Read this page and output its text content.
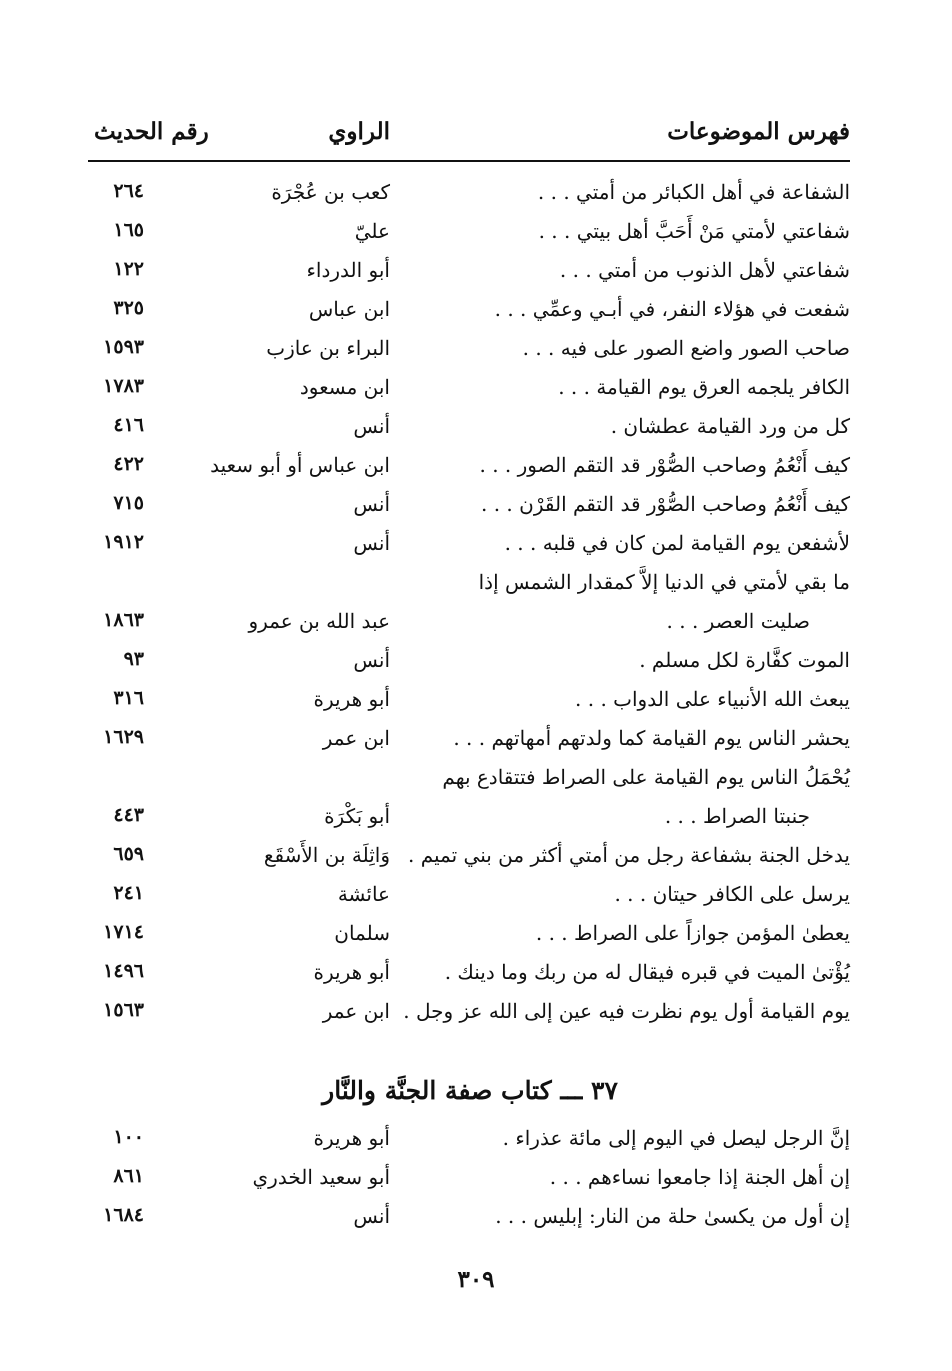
فهرس الموضوعات
الراوي
رقم الحديث
الشفاعة في أهل الكبائر من أمتي . . .
كعب بن عُجْرَة
٢٦٤
شفاعتي لأمتي مَنْ أَحَبَّ أهل بيتي . . .
عليّ
١٦٥
شفاعتي لأهل الذنوب من أمتي . . .
أبو الدرداء
١٢٢
شفعت في هؤلاء النفر، في أبـي وعمِّي . . .
ابن عباس
٣٢٥
صاحب الصور واضع الصور على فيه . . .
البراء بن عازب
١٥٩٣
الكافر يلجمه العرق يوم القيامة . . .
ابن مسعود
١٧٨٣
كل من ورد القيامة عطشان .
أنس
٤١٦
كيف أَنْعُمُ وصاحب الصُّوْر قد التقم الصور . . .
ابن عباس أو أبو سعيد
٤٢٢
كيف أَنْعُمُ وصاحب الصُّوْر قد التقم القَرْن . . .
أنس
٧١٥
لأشفعن يوم القيامة لمن كان في قلبه . . .
أنس
١٩١٢
ما بقي لأمتي في الدنيا إلاَّ كمقدار الشمس إذا
صليت العصر . . .
عبد الله بن عمرو
١٨٦٣
الموت كفَّارة لكل مسلم .
أنس
٩٣
يبعث الله الأنبياء على الدواب . . .
أبو هريرة
٣١٦
يحشر الناس يوم القيامة كما ولدتهم أمهاتهم . . .
ابن عمر
١٦٢٩
يُحْمَلُ الناس يوم القيامة على الصراط فتتقادع بهم
جنبتا الصراط . . .
أبو بَكْرَة
٤٤٣
يدخل الجنة بشفاعة رجل من أمتي أكثر من بني تميم .
وَاثِلَة بن الأَسْقَع
٦٥٩
يرسل على الكافر حيتان . . .
عائشة
٢٤١
يعطىٰ المؤمن جوازاً على الصراط . . .
سلمان
١٧١٤
يُؤْتىٰ الميت في قبره فيقال له من ربك وما دينك .
أبو هريرة
١٤٩٦
يوم القيامة أول يوم نظرت فيه عين إلى الله عز وجل .
ابن عمر
١٥٦٣
٣٧ ـــ كتاب صفة الجنَّة والنَّار
إنَّ الرجل ليصل في اليوم إلى مائة عذراء .
أبو هريرة
١٠٠
إن أهل الجنة إذا جامعوا نساءهم . . .
أبو سعيد الخدري
٨٦١
إن أول من يكسىٰ حلة من النار: إبليس . . .
أنس
١٦٨٤
٣٠٩
